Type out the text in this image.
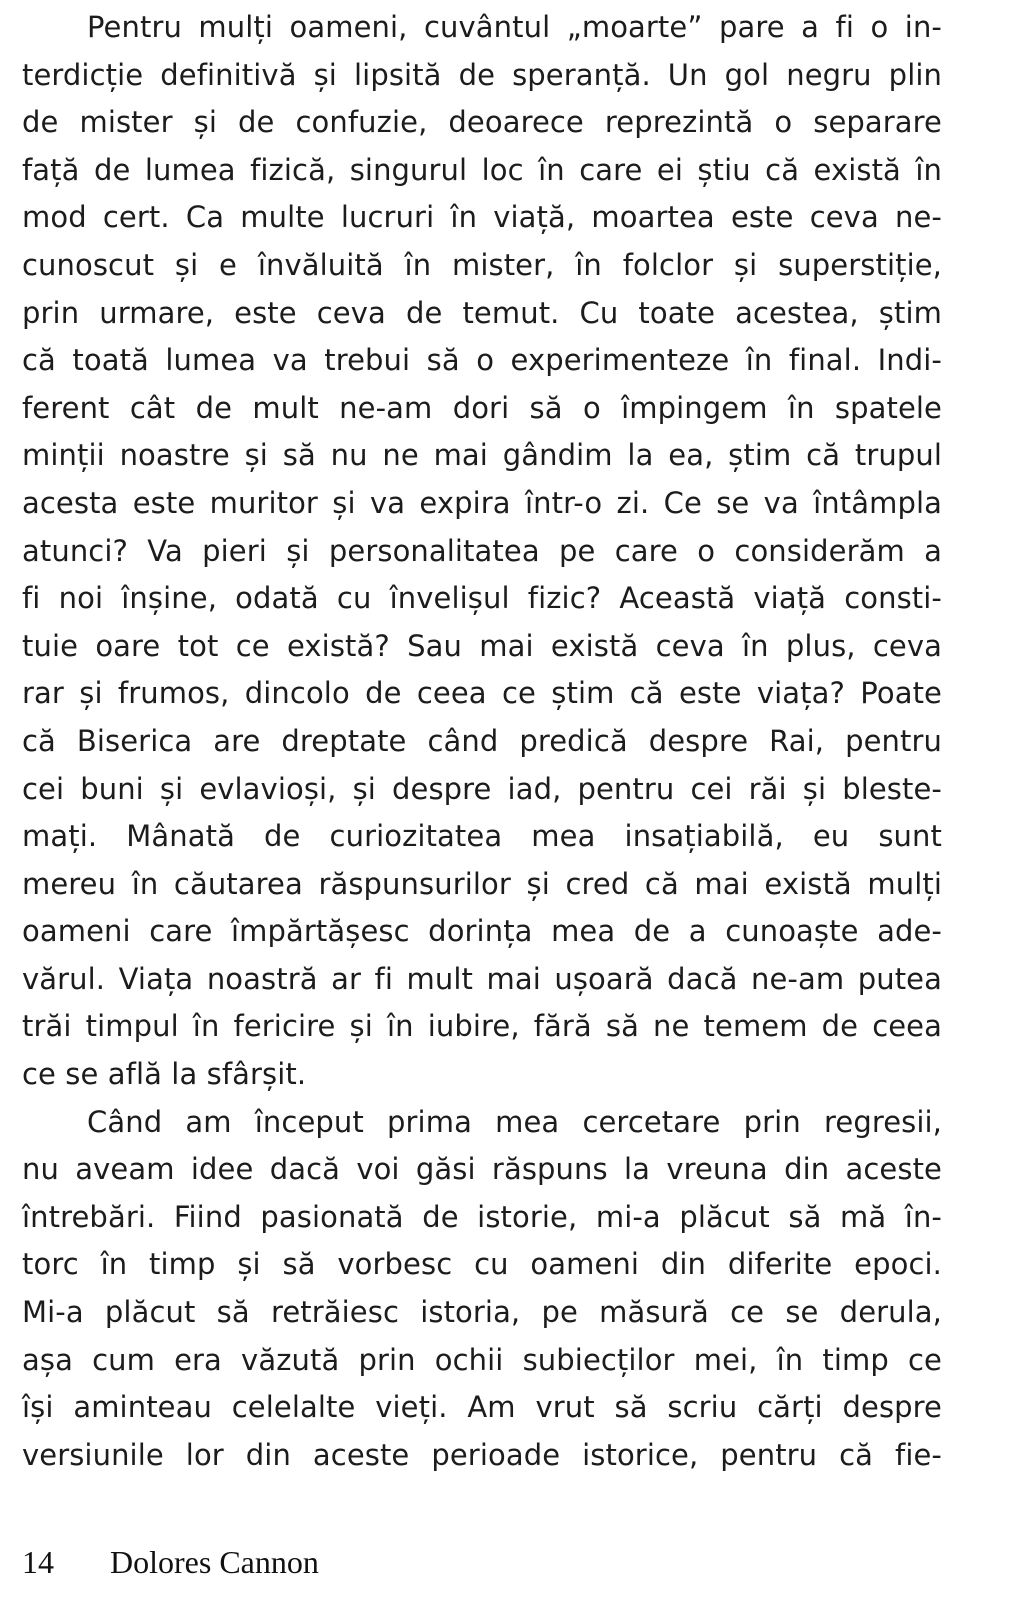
Pentru mulți oameni, cuvântul „moarte” pare a fi o in-
terdicție definitivă și lipsită de speranță. Un gol negru plin
de mister și de confuzie, deoarece reprezintă o separare
față de lumea fizică, singurul loc în care ei știu că există în
mod cert. Ca multe lucruri în viață, moartea este ceva ne-
cunoscut și e învăluită în mister, în folclor și superstiție,
prin urmare, este ceva de temut. Cu toate acestea, știm
că toată lumea va trebui să o experimenteze în final. Indi-
ferent cât de mult ne-am dori să o împingem în spatele
minții noastre și să nu ne mai gândim la ea, știm că trupul
acesta este muritor și va expira într-o zi. Ce se va întâmpla
atunci? Va pieri și personalitatea pe care o considerăm a
fi noi înșine, odată cu învelișul fizic? Această viață consti-
tuie oare tot ce există? Sau mai există ceva în plus, ceva
rar și frumos, dincolo de ceea ce știm că este viața? Poate
că Biserica are dreptate când predică despre Rai, pentru
cei buni și evlavioși, și despre iad, pentru cei răi și bleste-
mați. Mânată de curiozitatea mea insațiabilă, eu sunt
mereu în căutarea răspunsurilor și cred că mai există mulți
oameni care împărtășesc dorința mea de a cunoaște ade-
vărul. Viața noastră ar fi mult mai ușoară dacă ne-am putea
trăi timpul în fericire și în iubire, fără să ne temem de ceea
ce se află la sfârșit.
Când am început prima mea cercetare prin regresii,
nu aveam idee dacă voi găsi răspuns la vreuna din aceste
întrebări. Fiind pasionată de istorie, mi-a plăcut să mă în-
torc în timp și să vorbesc cu oameni din diferite epoci.
Mi-a plăcut să retrăiesc istoria, pe măsură ce se derula,
așa cum era văzută prin ochii subiecților mei, în timp ce
își aminteau celelalte vieți. Am vrut să scriu cărți despre
versiunile lor din aceste perioade istorice, pentru că fie-
14 Dolores Cannon
